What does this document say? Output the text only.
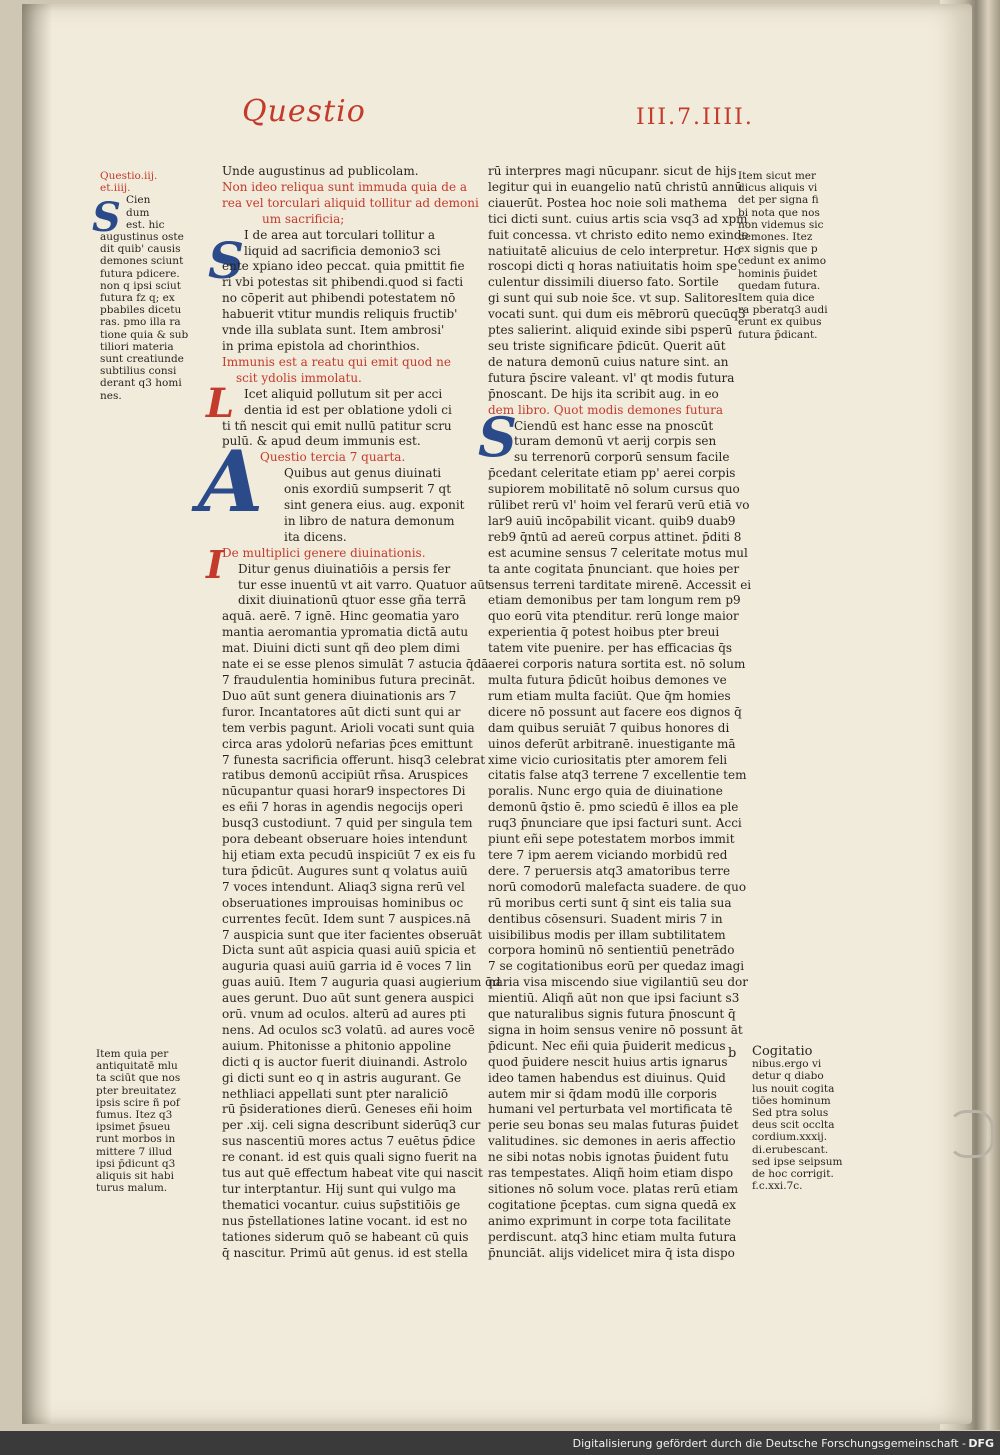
Questio	III.7.IIII.
S
S
L
A
I
S
Questio.iij.
et.iiij.
Cien
dum
est. hic
augustinus oste
dit quib' causis
demones sciunt
futura pdicere.
non q ipsi sciut
futura fz q; ex
pbabiles dicetu
ras. pmo illa ra
tione quia & sub
tiliori materia
sunt creatiunde
subtilius consi
derant q3 homi
nes.
Unde augustinus ad publicolam.
Non ideo reliqua sunt immuda quia de a
rea vel torculari aliquid tollitur ad demoni
um sacrificia;
I de area aut torculari tollitur a
liquid ad sacrificia demonio3 sci
ente xpiano ideo peccat. quia pmittit fie
ri vbi potestas sit phibendi.quod si facti
no cōperit aut phibendi potestatem nō
habuerit vtitur mundis reliquis fructib'
vnde illa sublata sunt. Item ambrosi'
in prima epistola ad chorinthios.
Immunis est a reatu qui emit quod ne
scit ydolis immolatu.
Icet aliquid pollutum sit per acci
dentia id est per oblatione ydoli ci
ti tñ nescit qui emit nullū patitur scru
pulū. & apud deum immunis est.
Questio tercia 7 quarta.
Quibus aut genus diuinati
onis exordiū sumpserit 7 qt
sint genera eius. aug. exponit
in libro de natura demonum
ita dicens.
De multiplici genere diuinationis.
Ditur genus diuinatiōis a persis fer
tur esse inuentū vt ait varro. Quatuor aūt
dixit diuinationū qtuor esse gña terrā
aquā. aerē. 7 ignē. Hinc geomatia yaro
mantia aeromantia ypromatia dictā autu
mat. Diuini dicti sunt qñ deo plem dimi
nate ei se esse plenos simulāt 7 astucia q̄dā
7 fraudulentia hominibus futura precināt.
Duo aūt sunt genera diuinationis ars 7
furor. Incantatores aūt dicti sunt qui ar
tem verbis pagunt. Arioli vocati sunt quia
circa aras ydolorū nefarias p̄ces emittunt
7 funesta sacrificia offerunt. hisq3 celebrat
ratibus demonū accipiūt rñsa. Aruspices
nūcupantur quasi horar9 inspectores Di
es eñi 7 horas in agendis negocijs operi
busq3 custodiunt. 7 quid per singula tem
pora debeant obseruare hoies intendunt
hij etiam exta pecudū inspiciūt 7 ex eis fu
tura p̄dicūt. Augures sunt q volatus auiū
7 voces intendunt. Aliaq3 signa rerū vel
obseruationes improuisas hominibus oc
currentes fecūt. Idem sunt 7 auspices.nā
7 auspicia sunt que iter facientes obseruāt
Dicta sunt aūt aspicia quasi auiū spicia et
auguria quasi auiū garria id ē voces 7 lin
guas auiū. Item 7 auguria quasi augierium q̄d
aues gerunt. Duo aūt sunt genera auspici
orū. vnum ad oculos. alterū ad aures pti
nens. Ad oculos sc3 volatū. ad aures vocē
auium. Phitonisse a phitonio appoline
dicti q is auctor fuerit diuinandi. Astrolo
gi dicti sunt eo q in astris augurant. Ge
nethliaci appellati sunt pter naraliciō
rū p̄siderationes dierū. Geneses eñi hoim
per .xij. celi signa describunt siderūq3 cur
sus nascentiū mores actus 7 euētus p̄dice
re conant. id est quis quali signo fuerit na
tus aut quē effectum habeat vite qui nascit
tur interptantur. Hij sunt qui vulgo ma
thematici vocantur. cuius sup̄stitiōis ge
nus p̄stellationes latine vocant. id est no
tationes siderum quō se habeant cū quis
q̄ nascitur. Primū aūt genus. id est stella
rū interpres magi nūcupanr. sicut de hijs
legitur qui in euangelio natū christū annū
ciauerūt. Postea hoc noie soli mathema
tici dicti sunt. cuius artis scia vsq3 ad xpm
fuit concessa. vt christo edito nemo exinde
natiuitatē alicuius de celo interpretur. Ho
roscopi dicti q horas natiuitatis hoim spe
culentur dissimili diuerso fato. Sortile
gi sunt qui sub noie s̄ce. vt sup. Salitores
vocati sunt. qui dum eis mēbrorū quecūq3
ptes salierint. aliquid exinde sibi psperū
seu triste significare p̄dicūt. Querit aūt
de natura demonū cuius nature sint. an
futura p̄scire valeant. vl' qt modis futura
p̄noscant. De hijs ita scribit aug. in eo
dem libro. Quot modis demones futura
Ciendū est hanc esse na pnoscūt
turam demonū vt aerij corpis sen
su terrenorū corporū sensum facile
p̄cedant celeritate etiam pp' aerei corpis
supiorem mobilitatē nō solum cursus quo
rūlibet rerū vl' hoim vel ferarū verū etiā vo
lar9 auiū incōpabilit vicant. quib9 duab9
reb9 q̄ntū ad aereū corpus attinet. p̄diti 8
est acumine sensus 7 celeritate motus mul
ta ante cogitata p̄nunciant. que hoies per
sensus terreni tarditate mirenē. Accessit ei
etiam demonibus per tam longum rem p9
quo eorū vita ptenditur. rerū longe maior
experientia q̄ potest hoibus pter breui
tatem vite puenire. per has efficacias q̄s
aerei corporis natura sortita est. nō solum
multa futura p̄dicūt hoibus demones ve
rum etiam multa faciūt. Que q̄m homies
dicere nō possunt aut facere eos dignos q̄
dam quibus seruiāt 7 quibus honores di
uinos deferūt arbitranē. inuestigante mā
xime vicio curiositatis pter amorem feli
citatis false atq3 terrene 7 excellentie tem
poralis. Nunc ergo quia de diuinatione
demonū q̄stio ē. pmo sciedū ē illos ea ple
ruq3 p̄nunciare que ipsi facturi sunt. Acci
piunt eñi sepe potestatem morbos immit
tere 7 ipm aerem viciando morbidū red
dere. 7 peruersis atq3 amatoribus terre
norū comodorū malefacta suadere. de quo
rū moribus certi sunt q̄ sint eis talia sua
dentibus cōsensuri. Suadent miris 7 in
uisibilibus modis per illam subtilitatem
corpora hominū nō sentientiū penetrādo
7 se cogitationibus eorū per quedaz imagi
naria visa miscendo siue vigilantiū seu dor
mientiū. Aliqñ aūt non que ipsi faciunt s3
que naturalibus signis futura p̄noscunt q̄
signa in hoim sensus venire nō possunt āt
p̄dicunt. Nec eñi quia p̄uiderit medicus
quod p̄uidere nescit huius artis ignarus
ideo tamen habendus est diuinus. Quid
autem mir si q̄dam modū ille corporis
humani vel perturbata vel mortificata tē
perie seu bonas seu malas futuras p̄uidet
valitudines. sic demones in aeris affectio
ne sibi notas nobis ignotas p̄uident futu
ras tempestates. Aliqñ hoim etiam dispo
sitiones nō solum voce. platas rerū etiam
cogitatione p̄ceptas. cum signa quedā ex
animo exprimunt in corpe tota facilitate
perdiscunt. atq3 hinc etiam multa futura
p̄nunciāt. alijs videlicet mira q̄ ista dispo
Item sicut mer
dicus aliquis vi
det per signa fi
bi nota que nos
non videmus sic
demones. Itez
ex signis que p
cedunt ex animo
hominis p̄uidet
quedam futura.
Item quia dice
ra pberatq3 audi
erunt ex quibus
futura p̄dicant.
Item quia per
antiquitatē mlu
ta sciūt que nos
pter breuitatez
ipsis scire ñ pof
fumus. Itez q3
ipsimet p̄sueu
runt morbos in
mittere 7 illud
ipsi p̄dicunt q3
aliquis sit habi
turus malum.
b Cogitatio
nibus.ergo vi
detur q diabo
lus nouit cogita
tiōes hominum
Sed ptra solus
deus scit occlta
cordium.xxxij.
di.erubescant.
sed ipse seipsum
de hoc corrigit.
f.c.xxi.7c.
Digitalisierung gefördert durch die Deutsche Forschungsgemeinschaft - DFG
